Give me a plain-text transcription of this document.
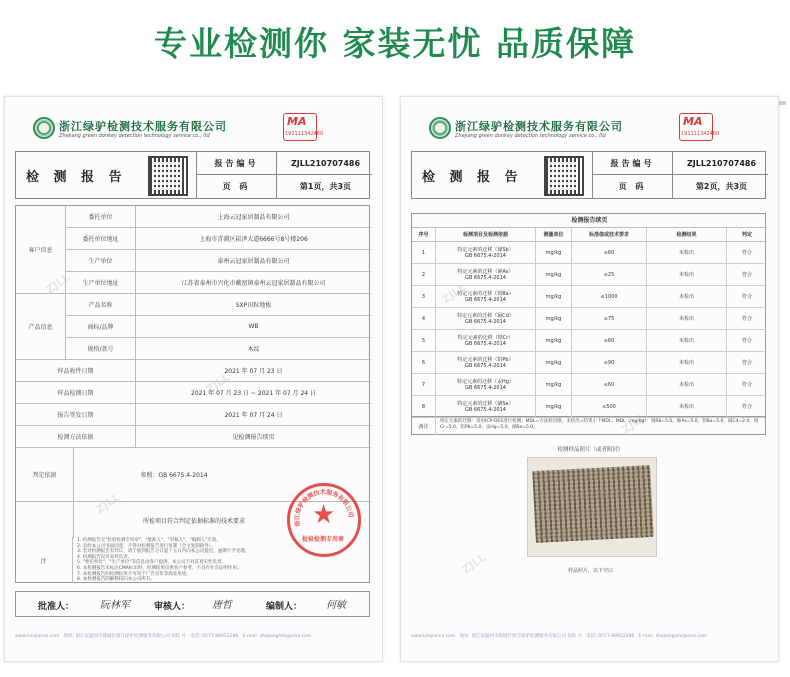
专业检测你 家装无忧 品质保障
ZJLL
ZJLL
ZJLL
浙江绿驴检测技术服务有限公司
Zhejiang green donkey detection technology service co., ltd
MA
191111342460
检 测 报 告
报告编号	ZJLL210707486
页 码	第1页，共3页
客户信息
产品信息
委托单位	上海云冠家居制品有限公司
委托单位地址	上海市青浦区崧泽大道6666号8号楼206
生产单位	泰州云冠家居制品有限公司
生产单位地址	江苏省泰州市兴化市戴窑镇泰州云冠家居制品有限公司
产品名称	SXP田粒地板
商标/品牌	WB
规格/款号	木纹
样品收件日期	2021 年 07 月 23 日
样品检测日期	2021 年 07 月 23 日 ~ 2021 年 07 月 24 日
报告签发日期	2021 年 07 月 24 日
检测方法依据	见检测报告续页
判定依据	参照：GB 6675.4-2014
所检项目符合判定依据标准的技术要求	浙江绿驴检测技术服务有限公司
★
检验检测专用章
注
1. 检测报告无"检验检测专用章"、"批准人"、"审核人"、"编制人"无效。
2. 未经本公司书面同意，不得对检测报告进行复制（全文复制除外）。
3. 若对检测报告有异议，请于收到报告之日起十五日内向本公司提出，逾期不予受理。
4. 检测报告仅对来样负责。
5. "委托单位"、"生产单位"等信息由客户提供，本公司不对其真实性负责。
6. 本检测报告未标注CMA标识时，检测结果仅供客户参考，不具有社会证明作用。
7. 本检测报告的检测结果不可用于广告宣传等商业用途。
8. 本检测报告的解释权归本公司所有。
批准人：	阮林军	审核人： 唐哲	编制人： 何敏
www.lvlvjiance.com 地址: 浙江省温州市鹿城区浙江绿驴检测服务有限公司 505 号 电话: 0577-88952286 E-mail: zhejianglvlv@sina.com
ZJLL
ZJLL
ZJLL
浙江绿驴检测技术服务有限公司
Zhejiang green donkey detection technology service co., ltd
MA
191111342460
检 测 报 告
报告编号	ZJLL210707486
页 码	第2页，共3页
检测报告续页
序号	检测项目及检测依据	测量单位	标准值或技术要求	检测结果	判定
1	特定元素的迁移（锑Sb）
GB 6675.4-2014	mg/kg	≤60	未检出	符合
2	特定元素的迁移（砷As）
GB 6675.4-2014	mg/kg	≤25	未检出	符合
3	特定元素的迁移（钡Ba）
GB 6675.4-2014	mg/kg	≤1000	未检出	符合
4	特定元素的迁移（镉Cd）
GB 6675.4-2014	mg/kg	≤75	未检出	符合
5	特定元素的迁移（铬Cr）
GB 6675.4-2014	mg/kg	≤60	未检出	符合
6	特定元素的迁移（铅Pb）
GB 6675.4-2014	mg/kg	≤90	未检出	符合
7	特定元素的迁移（汞Hg）
GB 6675.4-2014	mg/kg	≤60	未检出	符合
8	特定元素的迁移（硒Se）
GB 6675.4-2014	mg/kg	≤500	未检出	符合
备注
特定元素的迁移：采用ICP-OES进行检测；MDL=方法检出限，未检出=结果小于MDL；MDL（mg/kg）：锑Sb=5.0，砷As=5.0，钡Ba=5.0，镉Cd=2.0，铬Cr=5.0，铅Pb=5.0，汞Hg=5.0，硒Se=5.0。
检测样品照片（或者附封）
样品照片，以下空白
www.lvlvjiance.com 地址: 浙江省温州市鹿城区浙江绿驴检测服务有限公司 505 号 电话: 0577-88952286 E-mail: zhejianglvlv@sina.com
